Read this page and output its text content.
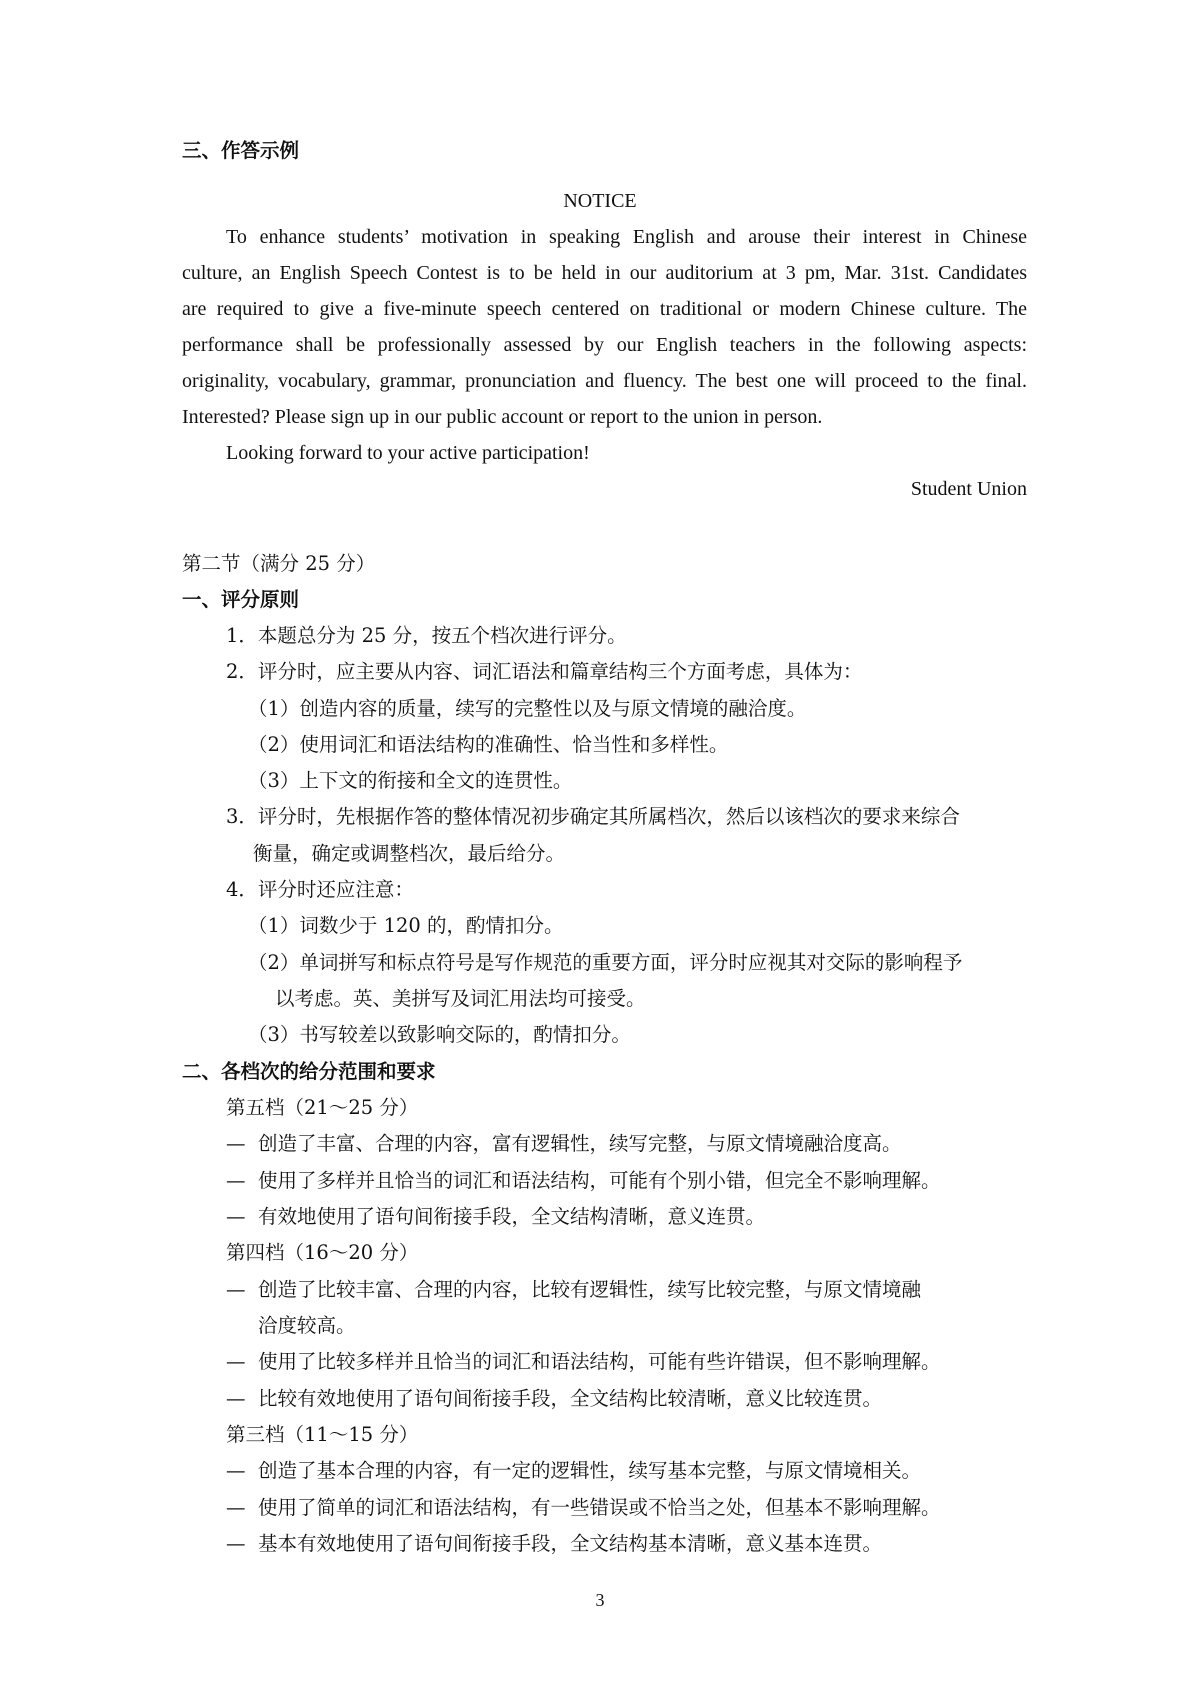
三、作答示例
NOTICE
To enhance students’ motivation in speaking English and arouse their interest in Chinese
culture, an English Speech Contest is to be held in our auditorium at 3 pm, Mar. 31st. Candidates
are required to give a five-minute speech centered on traditional or modern Chinese culture. The
performance shall be professionally assessed by our English teachers in the following aspects:
originality, vocabulary, grammar, pronunciation and fluency. The best one will proceed to the final.
Interested? Please sign up in our public account or report to the union in person.
Looking forward to your active participation!
Student Union
第二节（满分 25 分）
一、评分原则
1．本题总分为 25 分，按五个档次进行评分。
2．评分时，应主要从内容、词汇语法和篇章结构三个方面考虑，具体为：
（1）创造内容的质量，续写的完整性以及与原文情境的融洽度。
（2）使用词汇和语法结构的准确性、恰当性和多样性。
（3）上下文的衔接和全文的连贯性。
3．评分时，先根据作答的整体情况初步确定其所属档次，然后以该档次的要求来综合
衡量，确定或调整档次，最后给分。
4．评分时还应注意：
（1）词数少于 120 的，酌情扣分。
（2）单词拼写和标点符号是写作规范的重要方面，评分时应视其对交际的影响程予
以考虑。英、美拼写及词汇用法均可接受。
（3）书写较差以致影响交际的，酌情扣分。
二、各档次的给分范围和要求
第五档（21～25 分）
— 创造了丰富、合理的内容，富有逻辑性，续写完整，与原文情境融洽度高。
— 使用了多样并且恰当的词汇和语法结构，可能有个别小错，但完全不影响理解。
— 有效地使用了语句间衔接手段，全文结构清晰，意义连贯。
第四档（16～20 分）
— 创造了比较丰富、合理的内容，比较有逻辑性，续写比较完整，与原文情境融
洽度较高。
— 使用了比较多样并且恰当的词汇和语法结构，可能有些许错误，但不影响理解。
— 比较有效地使用了语句间衔接手段，全文结构比较清晰，意义比较连贯。
第三档（11～15 分）
— 创造了基本合理的内容，有一定的逻辑性，续写基本完整，与原文情境相关。
— 使用了简单的词汇和语法结构，有一些错误或不恰当之处，但基本不影响理解。
— 基本有效地使用了语句间衔接手段，全文结构基本清晰，意义基本连贯。
3
